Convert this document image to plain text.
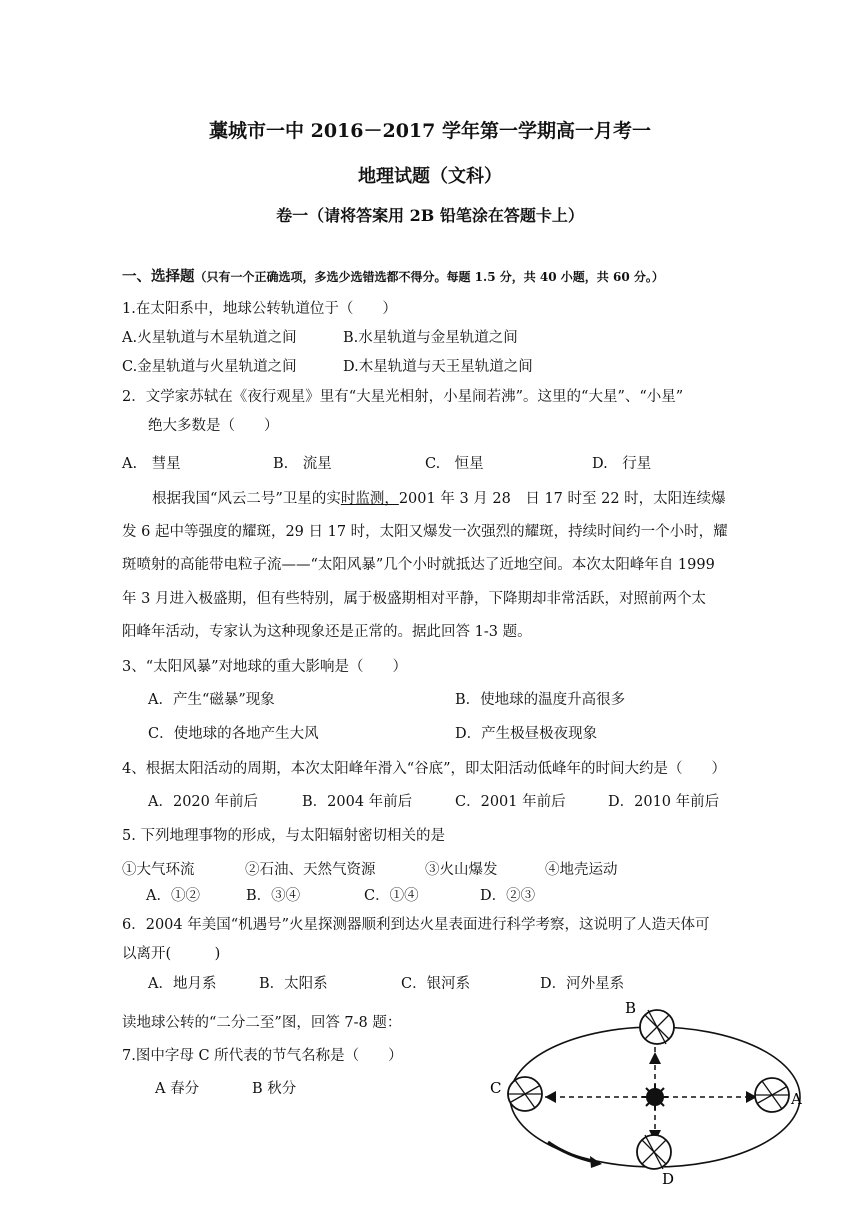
藁城市一中 2016－2017 学年第一学期高一月考一
地理试题（文科）
卷一（请将答案用 2B 铅笔涂在答题卡上）
一、选择题（只有一个正确选项，多选少选错选都不得分。每题 1.5 分，共 40 小题，共 60 分。）
1.在太阳系中，地球公转轨道位于（　　）
A.火星轨道与木星轨道之间	B.水星轨道与金星轨道之间
C.金星轨道与火星轨道之间	D.木星轨道与天王星轨道之间
2．文学家苏轼在《夜行观星》里有“大星光相射，小星闹若沸”。这里的“大星”、“小星”
绝大多数是（　　）
A.　彗星	B.　流星	C.　恒星	D.　行星
根据我国“风云二号”卫星的实时监测，2001 年 3 月 28　日 17 时至 22 时，太阳连续爆
发 6 起中等强度的耀斑，29 日 17 时，太阳又爆发一次强烈的耀斑，持续时间约一个小时，耀
斑喷射的高能带电粒子流——“太阳风暴”几个小时就抵达了近地空间。本次太阳峰年自 1999
年 3 月进入极盛期，但有些特别，属于极盛期相对平静，下降期却非常活跃，对照前两个太
阳峰年活动，专家认为这种现象还是正常的。据此回答 1-3 题。
3、“太阳风暴”对地球的重大影响是（　　）
A．产生“磁暴”现象	B．使地球的温度升高很多
C．使地球的各地产生大风	D．产生极昼极夜现象
4、根据太阳活动的周期，本次太阳峰年滑入“谷底”，即太阳活动低峰年的时间大约是（　　）
A．2020 年前后	B．2004 年前后	C．2001 年前后	D．2010 年前后
5. 下列地理事物的形成，与太阳辐射密切相关的是
①大气环流	②石油、天然气资源	③火山爆发	④地壳运动
A．①②	B．③④	C．①④	D．②③
6．2004 年美国“机遇号”火星探测器顺利到达火星表面进行科学考察，这说明了人造天体可
以离开(　　　)
A．地月系	B．太阳系	C．银河系	D．河外星系
读地球公转的“二分二至”图，回答 7-8 题：
7.图中字母 C 所代表的节气名称是（　　）
A 春分	B 秋分
B
C
A
D
